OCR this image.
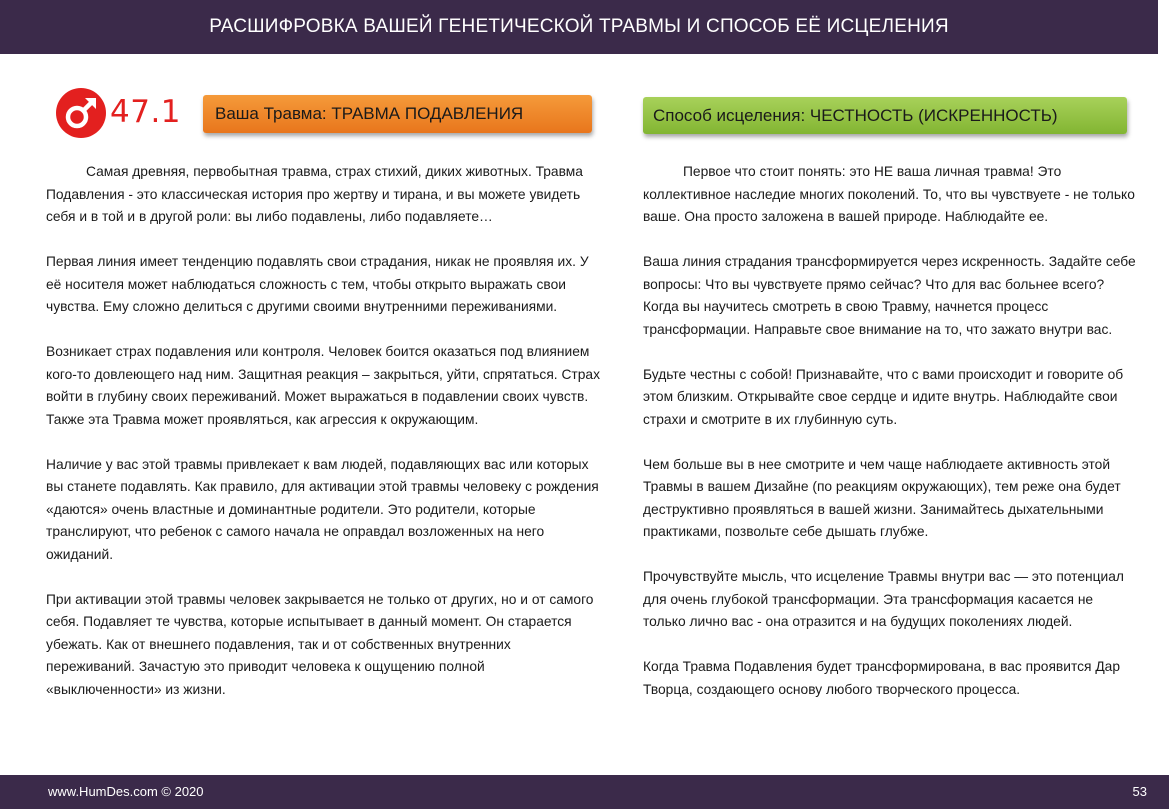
РАСШИФРОВКА ВАШЕЙ ГЕНЕТИЧЕСКОЙ ТРАВМЫ И СПОСОБ ЕЁ ИСЦЕЛЕНИЯ
47.1 Ваша Травма: ТРАВМА ПОДАВЛЕНИЯ	Способ исцеления: ЧЕСТНОСТЬ (ИСКРЕННОСТЬ)

Самая древняя, первобытная травма, страх стихий, диких животных. Травма Подавления - это классическая история про жертву и тирана, и вы можете увидеть себя и в той и в другой роли: вы либо подавлены, либо подавляете…

Первая линия имеет тенденцию подавлять свои страдания, никак не проявляя их. У её носителя может наблюдаться сложность с тем, чтобы открыто выражать свои чувства. Ему сложно делиться с другими своими внутренними переживаниями.

Возникает страх подавления или контроля. Человек боится оказаться под влиянием кого-то довлеющего над ним. Защитная реакция – закрыться, уйти, спрятаться. Страх войти в глубину своих переживаний. Может выражаться в подавлении своих чувств. Также эта Травма может проявляться, как агрессия к окружающим.

Наличие у вас этой травмы привлекает к вам людей, подавляющих вас или которых вы станете подавлять. Как правило, для активации этой травмы человеку с рождения «даются» очень властные и доминантные родители. Это родители, которые транслируют, что ребенок с самого начала не оправдал возложенных на него ожиданий.

При активации этой травмы человек закрывается не только от других, но и от самого себя. Подавляет те чувства, которые испытывает в данный момент. Он старается убежать. Как от внешнего подавления, так и от собственных внутренних переживаний. Зачастую это приводит человека к ощущению полной «выключенности» из жизни.

Первое что стоит понять: это НЕ ваша личная травма! Это коллективное наследие многих поколений. То, что вы чувствуете - не только ваше. Она просто заложена в вашей природе. Наблюдайте ее.

Ваша линия страдания трансформируется через искренность. Задайте себе вопросы: Что вы чувствуете прямо сейчас? Что для вас больнее всего? Когда вы научитесь смотреть в свою Травму, начнется процесс трансформации. Направьте свое внимание на то, что зажато внутри вас.

Будьте честны с собой! Признавайте, что с вами происходит и говорите об этом близким. Открывайте свое сердце и идите внутрь. Наблюдайте свои страхи и смотрите в их глубинную суть.

Чем больше вы в нее смотрите и чем чаще наблюдаете активность этой Травмы в вашем Дизайне (по реакциям окружающих), тем реже она будет деструктивно проявляться в вашей жизни. Занимайтесь дыхательными практиками, позвольте себе дышать глубже.

Прочувствуйте мысль, что исцеление Травмы внутри вас — это потенциал для очень глубокой трансформации. Эта трансформация касается не только лично вас - она отразится и на будущих поколениях людей.

Когда Травма Подавления будет трансформирована, в вас проявится Дар Творца, создающего основу любого творческого процесса.

www.HumDes.com © 2020	53
